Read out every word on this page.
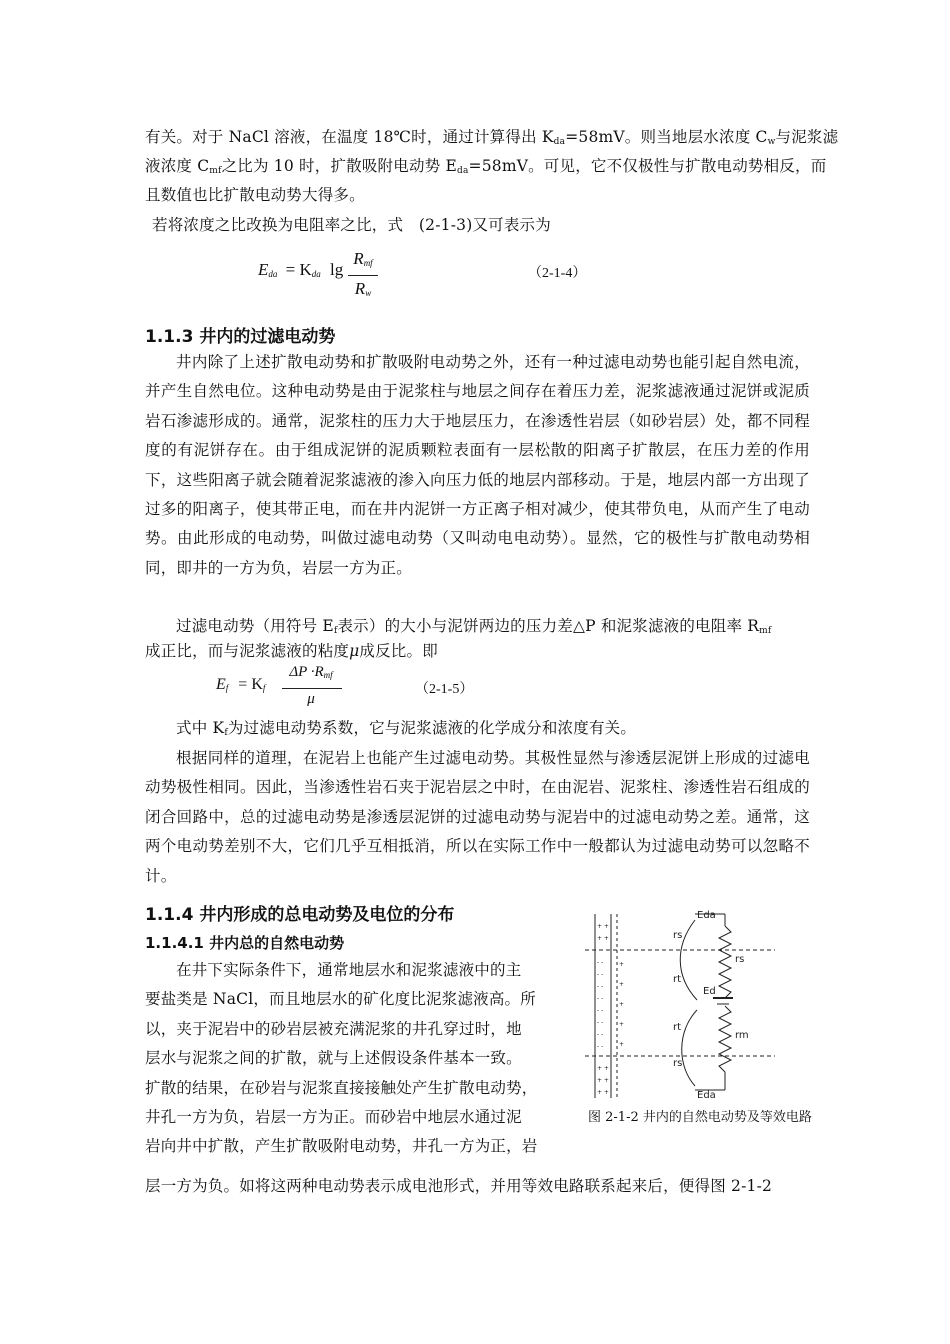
有关。对于 NaCl 溶液，在温度 18℃时，通过计算得出 $K_{da}=58mV$。则当地层水浓度 $C_w$与泥浆滤
液浓度 $C_{mf}$之比为 10 时，扩散吸附电动势 $E_{da}=58mV$。可见，它不仅极性与扩散电动势相反，而
且数值也比扩散电动势大得多。
若将浓度之比改换为电阻率之比，式　(2-1-3)又可表示为
$E_{da} = K_{da}$ lg
$R_{mf}$
$R_w$
（2-1-4）
1.1.3 井内的过滤电动势
井内除了上述扩散电动势和扩散吸附电动势之外，还有一种过滤电动势也能引起自然电流，并产生自然电位。这种电动势是由于泥浆柱与地层之间存在着压力差，泥浆滤液通过泥饼或泥质岩石渗滤形成的。通常，泥浆柱的压力大于地层压力，在渗透性岩层（如砂岩层）处，都不同程度的有泥饼存在。由于组成泥饼的泥质颗粒表面有一层松散的阳离子扩散层，在压力差的作用下，这些阳离子就会随着泥浆滤液的渗入向压力低的地层内部移动。于是，地层内部一方出现了过多的阳离子，使其带正电，而在井内泥饼一方正离子相对减少，使其带负电，从而产生了电动势。由此形成的电动势，叫做过滤电动势（又叫动电电动势）。显然，它的极性与扩散电动势相同，即井的一方为负，岩层一方为正。
过滤电动势（用符号 $E_f$表示）的大小与泥饼两边的压力差△P 和泥浆滤液的电阻率 $R_{mf}$
成正比，而与泥浆滤液的粘度μ成反比。即
$E_f = K_f$
$\Delta P \cdot R_{mf}$
μ
（2-1-5）
式中 $K_f$为过滤电动势系数，它与泥浆滤液的化学成分和浓度有关。
根据同样的道理，在泥岩上也能产生过滤电动势。其极性显然与渗透层泥饼上形成的过滤电动势极性相同。因此，当渗透性岩石夹于泥岩层之中时，在由泥岩、泥浆柱、渗透性岩石组成的闭合回路中，总的过滤电动势是渗透层泥饼的过滤电动势与泥岩中的过滤电动势之差。通常，这两个电动势差别不大，它们几乎互相抵消，所以在实际工作中一般都认为过滤电动势可以忽略不计。
1.1.4 井内形成的总电动势及电位的分布
1.1.4.1 井内总的自然电动势
在井下实际条件下，通常地层水和泥浆滤液中的主
要盐类是 NaCl，而且地层水的矿化度比泥浆滤液高。所
以，夹于泥岩中的砂岩层被充满泥浆的井孔穿过时，地
层水与泥浆之间的扩散，就与上述假设条件基本一致。
扩散的结果，在砂岩与泥浆直接接触处产生扩散电动势，
井孔一方为负，岩层一方为正。而砂岩中地层水通过泥
岩向井中扩散，产生扩散吸附电动势，井孔一方为正，岩
层一方为负。如将这两种电动势表示成电池形式，并用等效电路联系起来后，便得图 2-1-2
+ +
+ +
- -
- -
- -
- -
- -
- -
- -
- -
+ +
+ +
+ +
+
+
+
+
+
Eda
rs
rs
rt
Ed
rt
rm
rs
Eda
图 2-1-2 井内的自然电动势及等效电路
